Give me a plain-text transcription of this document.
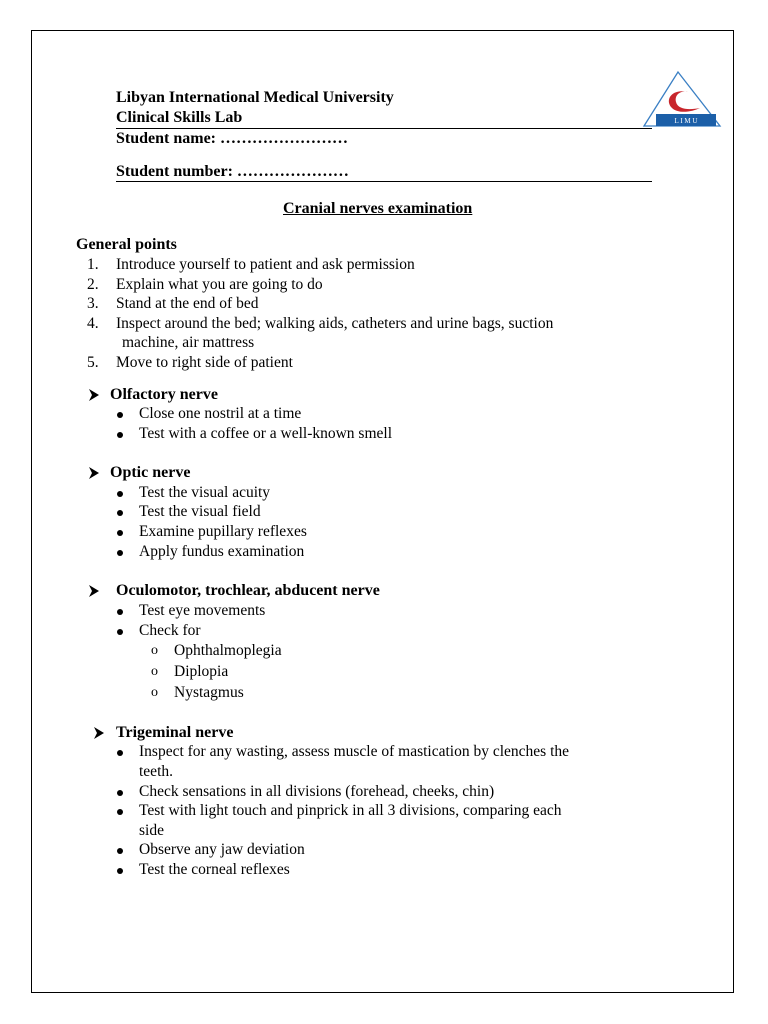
Libyan International Medical University
Clinical Skills Lab
Student name: ……………………
Student number: …………………
L I M U
Cranial nerves examination
General points
1. Introduce yourself to patient and ask permission
2. Explain what you are going to do
3. Stand at the end of bed
4. Inspect around the bed; walking aids, catheters and urine bags, suction
machine, air mattress
5. Move to right side of patient
Olfactory nerve
Close one nostril at a time
Test with a coffee or a well-known smell
Optic nerve
Test the visual acuity
Test the visual field
Examine pupillary reflexes
Apply fundus examination
Oculomotor, trochlear, abducent nerve
Test eye movements
Check for
o Ophthalmoplegia
o Diplopia
o Nystagmus
Trigeminal nerve
Inspect for any wasting, assess muscle of mastication by clenches the
teeth.
Check sensations in all divisions (forehead, cheeks, chin)
Test with light touch and pinprick in all 3 divisions, comparing each
side
Observe any jaw deviation
Test the corneal reflexes
